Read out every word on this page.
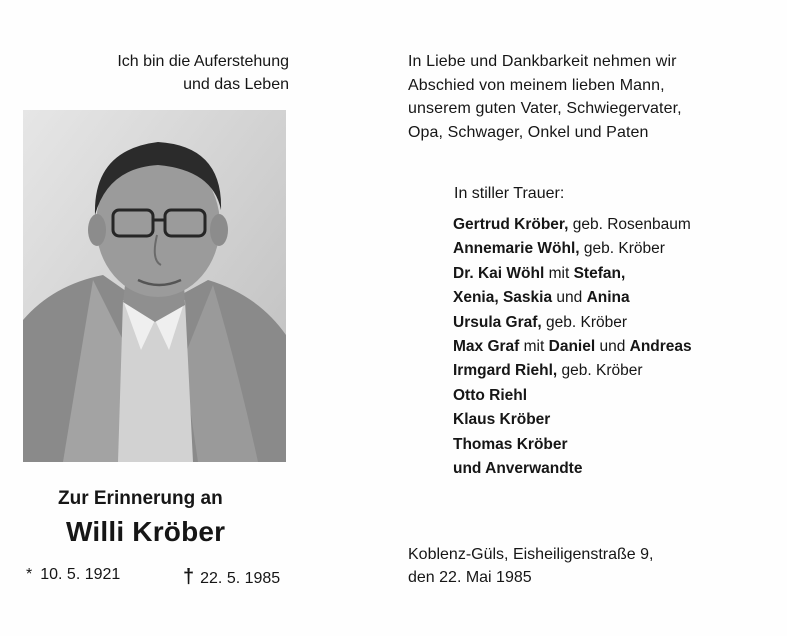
Ich bin die Auferstehung
und das Leben
Zur Erinnerung an
Willi Kröber
* 10. 5. 1921	† 22. 5. 1985
In Liebe und Dankbarkeit nehmen wir
Abschied von meinem lieben Mann,
unserem guten Vater, Schwiegervater,
Opa, Schwager, Onkel und Paten
In stiller Trauer:
Gertrud Kröber, geb. Rosenbaum
Annemarie Wöhl, geb. Kröber
Dr. Kai Wöhl mit Stefan,
Xenia, Saskia und Anina
Ursula Graf, geb. Kröber
Max Graf mit Daniel und Andreas
Irmgard Riehl, geb. Kröber
Otto Riehl
Klaus Kröber
Thomas Kröber
und Anverwandte
Koblenz-Güls, Eisheiligenstraße 9,
den 22. Mai 1985
